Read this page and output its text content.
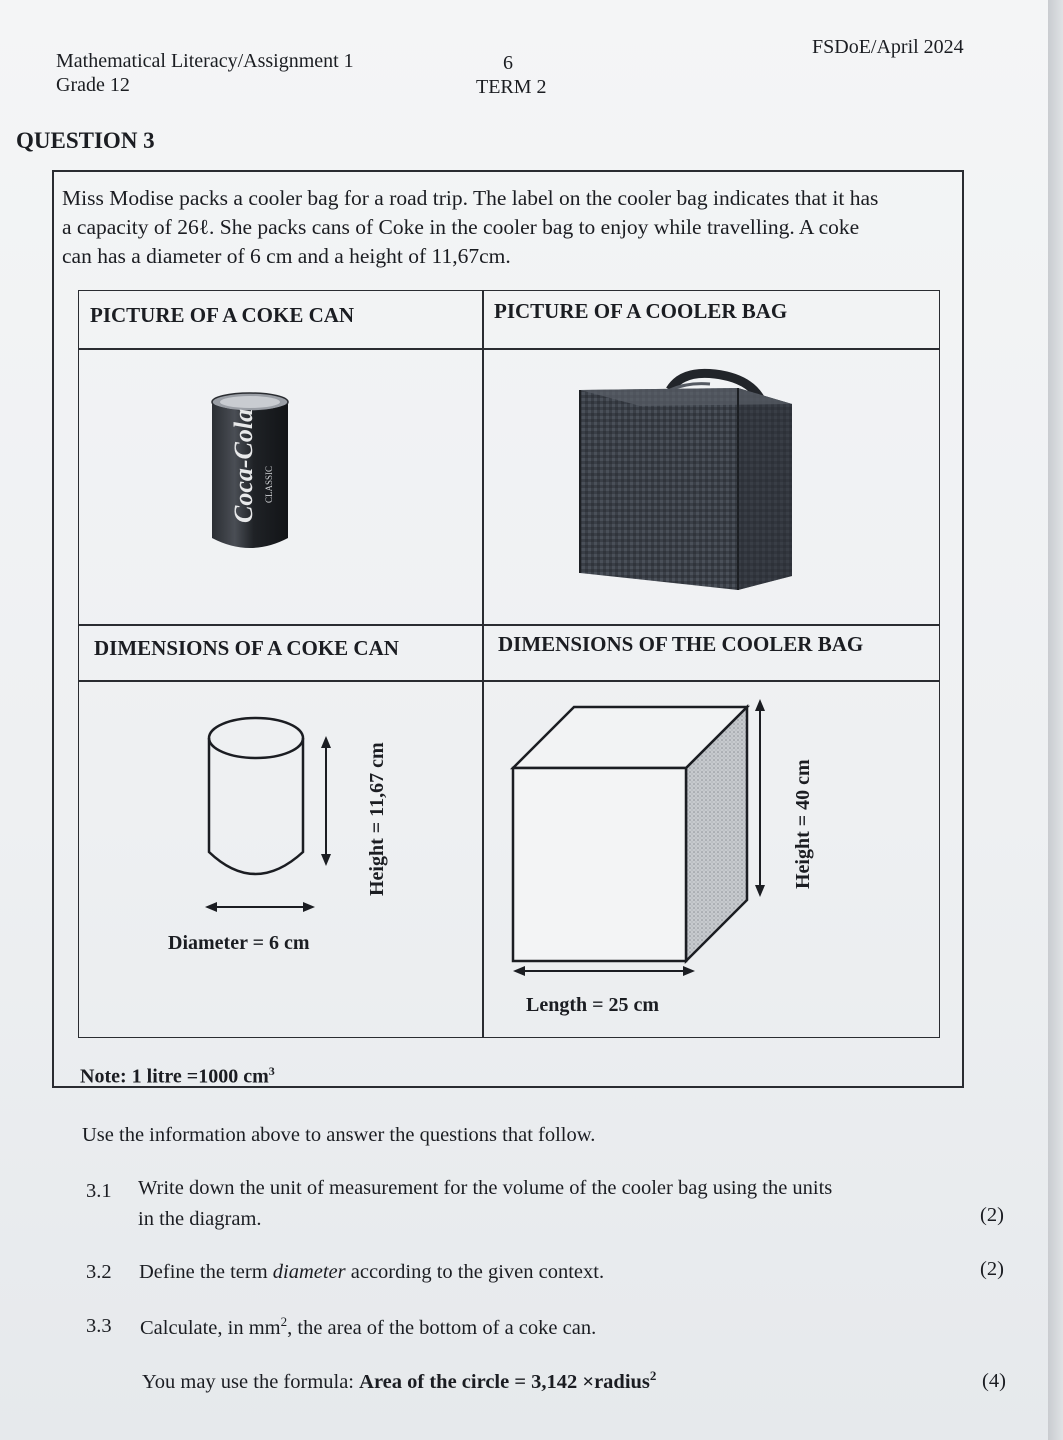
Mathematical Literacy/Assignment 1
Grade 12
6
TERM 2
FSDoE/April 2024
QUESTION 3
Miss Modise packs a cooler bag for a road trip. The label on the cooler bag indicates that it has
a capacity of 26ℓ. She packs cans of Coke in the cooler bag to enjoy while travelling. A coke
can has a diameter of 6 cm and a height of 11,67cm.
PICTURE OF A COKE CAN	PICTURE OF A COOLER BAG
DIMENSIONS OF A COKE CAN	DIMENSIONS OF THE COOLER BAG
Coca-Cola CLASSIC
Height = 11,67 cm
Diameter = 6 cm
Height = 40 cm
Length = 25 cm
Note: 1 litre =1000 $cm^3$
Use the information above to answer the questions that follow.
3.1 Write down the unit of measurement for the volume of the cooler bag using the units
in the diagram.	(2)
3.2 Define the term diameter according to the given context.	(2)
3.3 Calculate, in $mm^2$, the area of the bottom of a coke can.
You may use the formula: Area of the circle = 3,142 ×radius$^2$	(4)
